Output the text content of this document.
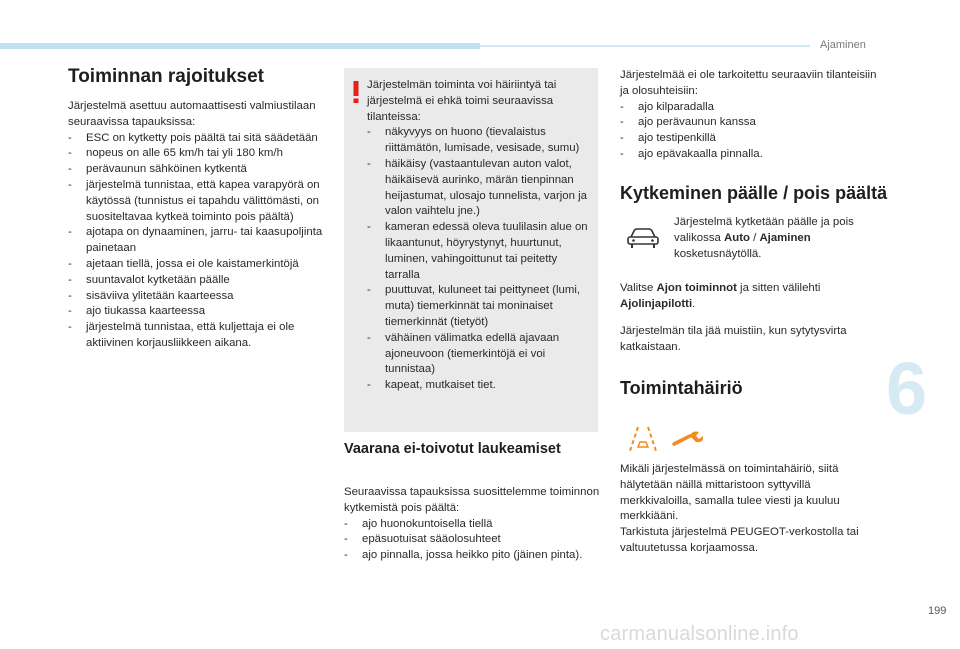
Ajaminen
6
199
carmanualsonline.info
Toiminnan rajoitukset
Järjestelmä asettuu automaattisesti valmiustilaan seuraavissa tapauksissa:
- ESC on kytketty pois päältä tai sitä säädetään
- nopeus on alle 65 km/h tai yli 180 km/h
- perävaunun sähköinen kytkentä
- järjestelmä tunnistaa, että kapea varapyörä on käytössä (tunnistus ei tapahdu välittömästi, on suositeltavaa kytkeä toiminto pois päältä)
- ajotapa on dynaaminen, jarru- tai kaasupoljinta painetaan
- ajetaan tiellä, jossa ei ole kaistamerkintöjä
- suuntavalot kytketään päälle
- sisäviiva ylitetään kaarteessa
- ajo tiukassa kaarteessa
- järjestelmä tunnistaa, että kuljettaja ei ole aktiivinen korjausliikkeen aikana.
Järjestelmän toiminta voi häiriintyä tai järjestelmä ei ehkä toimi seuraavissa tilanteissa:
- näkyvyys on huono (tievalaistus riittämätön, lumisade, vesisade, sumu)
- häikäisy (vastaantulevan auton valot, häikäisevä aurinko, märän tienpinnan heijastumat, ulosajo tunnelista, varjon ja valon vaihtelu jne.)
- kameran edessä oleva tuulilasin alue on likaantunut, höyrystynyt, huurtunut, luminen, vahingoittunut tai peitetty tarralla
- puuttuvat, kuluneet tai peittyneet (lumi, muta) tiemerkinnät tai moninaiset tiemerkinnät (tietyöt)
- vähäinen välimatka edellä ajavaan ajoneuvoon (tiemerkintöjä ei voi tunnistaa)
- kapeat, mutkaiset tiet.
Vaarana ei-toivotut laukeamiset
Seuraavissa tapauksissa suosittelemme toiminnon kytkemistä pois päältä:
- ajo huonokuntoisella tiellä
- epäsuotuisat sääolosuhteet
- ajo pinnalla, jossa heikko pito (jäinen pinta).
Järjestelmää ei ole tarkoitettu seuraaviin tilanteisiin ja olosuhteisiin:
- ajo kilparadalla
- ajo perävaunun kanssa
- ajo testipenkillä
- ajo epävakaalla pinnalla.
Kytkeminen päälle / pois päältä
Järjestelmä kytketään päälle ja pois valikossa Auto / Ajaminen kosketusnäytöllä.
Valitse Ajon toiminnot ja sitten välilehti Ajolinjapilotti.
Järjestelmän tila jää muistiin, kun sytytysvirta katkaistaan.
Toimintahäiriö
Mikäli järjestelmässä on toimintahäiriö, siitä hälytetään näillä mittaristoon syttyvillä merkkivaloilla, samalla tulee viesti ja kuuluu merkkiääni.
Tarkistuta järjestelmä PEUGEOT-verkostolla tai valtuutetussa korjaamossa.
